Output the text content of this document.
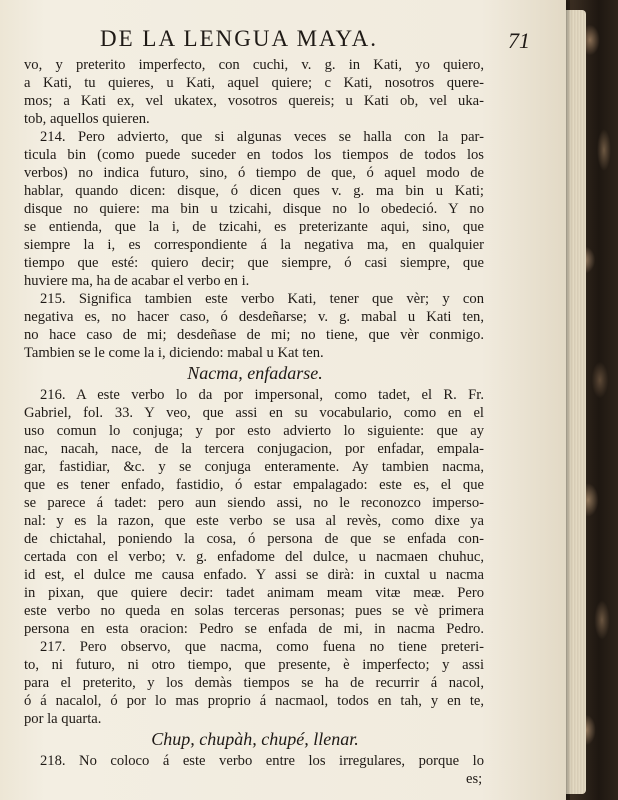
DE LA LENGUA MAYA.	71
vo, y preterito imperfecto, con cuchi, v. g. in Kati, yo quiero,
a Kati, tu quieres, u Kati, aquel quiere; c Kati, nosotros quere-
mos; a Kati ex, vel ukatex, vosotros quereis; u Kati ob, vel uka-
tob, aquellos quieren.
214. Pero advierto, que si algunas veces se halla con la par-
ticula bin (como puede suceder en todos los tiempos de todos los
verbos) no indica futuro, sino, ó tiempo de que, ó aquel modo de
hablar, quando dicen: disque, ó dicen ques v. g. ma bin u Kati;
disque no quiere: ma bin u tzicahi, disque no lo obedeció. Y no
se entienda, que la i, de tzicahi, es preterizante aqui, sino, que
siempre la i, es correspondiente á la negativa ma, en qualquier
tiempo que esté: quiero decir; que siempre, ó casi siempre, que
huviere ma, ha de acabar el verbo en i.
215. Significa tambien este verbo Kati, tener que vèr; y con
negativa es, no hacer caso, ó desdeñarse; v. g. mabal u Kati ten,
no hace caso de mi; desdeñase de mi; no tiene, que vèr conmigo.
Tambien se le come la i, diciendo: mabal u Kat ten.
Nacma, enfadarse.
216. A este verbo lo da por impersonal, como tadet, el R. Fr.
Gabriel, fol. 33. Y veo, que assi en su vocabulario, como en el
uso comun lo conjuga; y por esto advierto lo siguiente: que ay
nac, nacah, nace, de la tercera conjugacion, por enfadar, empala-
gar, fastidiar, &c. y se conjuga enteramente. Ay tambien nacma,
que es tener enfado, fastidio, ó estar empalagado: este es, el que
se parece á tadet: pero aun siendo assi, no le reconozco imperso-
nal: y es la razon, que este verbo se usa al revès, como dixe ya
de chictahal, poniendo la cosa, ó persona de que se enfada con-
certada con el verbo; v. g. enfadome del dulce, u nacmaen chuhuc,
id est, el dulce me causa enfado. Y assi se dirà: in cuxtal u nacma
in pixan, que quiere decir: tadet animam meam vitæ meæ. Pero
este verbo no queda en solas terceras personas; pues se vè primera
persona en esta oracion: Pedro se enfada de mi, in nacma Pedro.
217. Pero observo, que nacma, como fuena no tiene preteri-
to, ni futuro, ni otro tiempo, que presente, è imperfecto; y assi
para el preterito, y los demàs tiempos se ha de recurrir á nacol,
ó á nacalol, ó por lo mas proprio á nacmaol, todos en tah, y en te,
por la quarta.
Chup, chupàh, chupé, llenar.
218. No coloco á este verbo entre los irregulares, porque lo
es;
